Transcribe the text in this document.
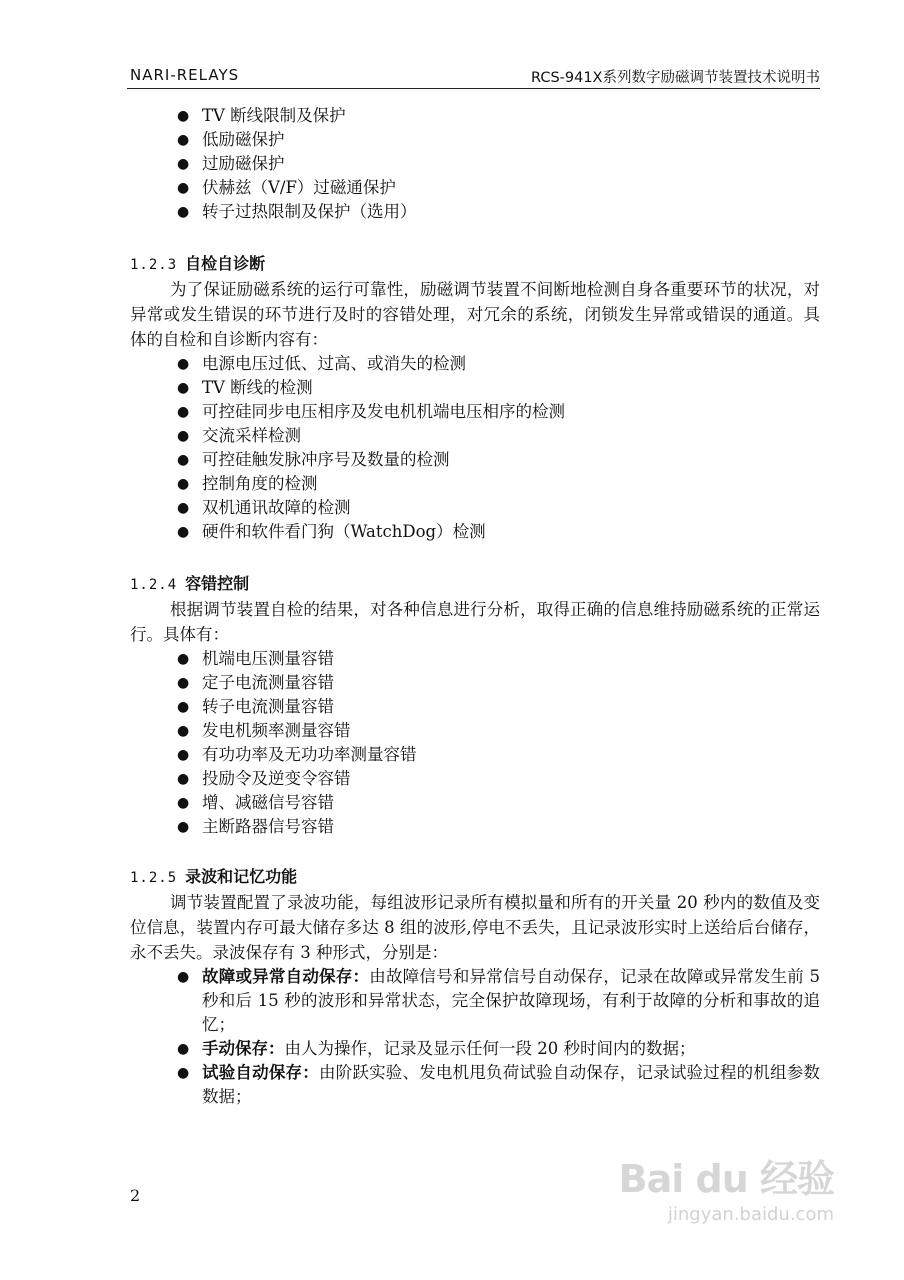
NARI-RELAYS	RCS-941X系列数字励磁调节装置技术说明书
● TV 断线限制及保护
● 低励磁保护
● 过励磁保护
● 伏赫兹（V/F）过磁通保护
● 转子过热限制及保护（选用）
1.2.3 自检自诊断

为了保证励磁系统的运行可靠性，励磁调节装置不间断地检测自身各重要环节的状况，对异常或发生错误的环节进行及时的容错处理，对冗余的系统，闭锁发生异常或错误的通道。具体的自检和自诊断内容有：

● 电源电压过低、过高、或消失的检测
● TV 断线的检测
● 可控硅同步电压相序及发电机机端电压相序的检测
● 交流采样检测
● 可控硅触发脉冲序号及数量的检测
● 控制角度的检测
● 双机通讯故障的检测
● 硬件和软件看门狗（WatchDog）检测
1.2.4 容错控制

根据调节装置自检的结果，对各种信息进行分析，取得正确的信息维持励磁系统的正常运行。具体有：

● 机端电压测量容错
● 定子电流测量容错
● 转子电流测量容错
● 发电机频率测量容错
● 有功功率及无功功率测量容错
● 投励令及逆变令容错
● 增、减磁信号容错
● 主断路器信号容错
1.2.5 录波和记忆功能

调节装置配置了录波功能，每组波形记录所有模拟量和所有的开关量 20 秒内的数值及变位信息，装置内存可最大储存多达 8 组的波形,停电不丢失，且记录波形实时上送给后台储存，永不丢失。录波保存有 3 种形式，分别是：

● 故障或异常自动保存：由故障信号和异常信号自动保存，记录在故障或异常发生前 5 秒和后 15 秒的波形和异常状态，完全保护故障现场，有利于故障的分析和事故的追忆；
● 手动保存：由人为操作，记录及显示任何一段 20 秒时间内的数据；
● 试验自动保存：由阶跃实验、发电机甩负荷试验自动保存，记录试验过程的机组参数数据；
2	Bai du 经验
jingyan.baidu.com
